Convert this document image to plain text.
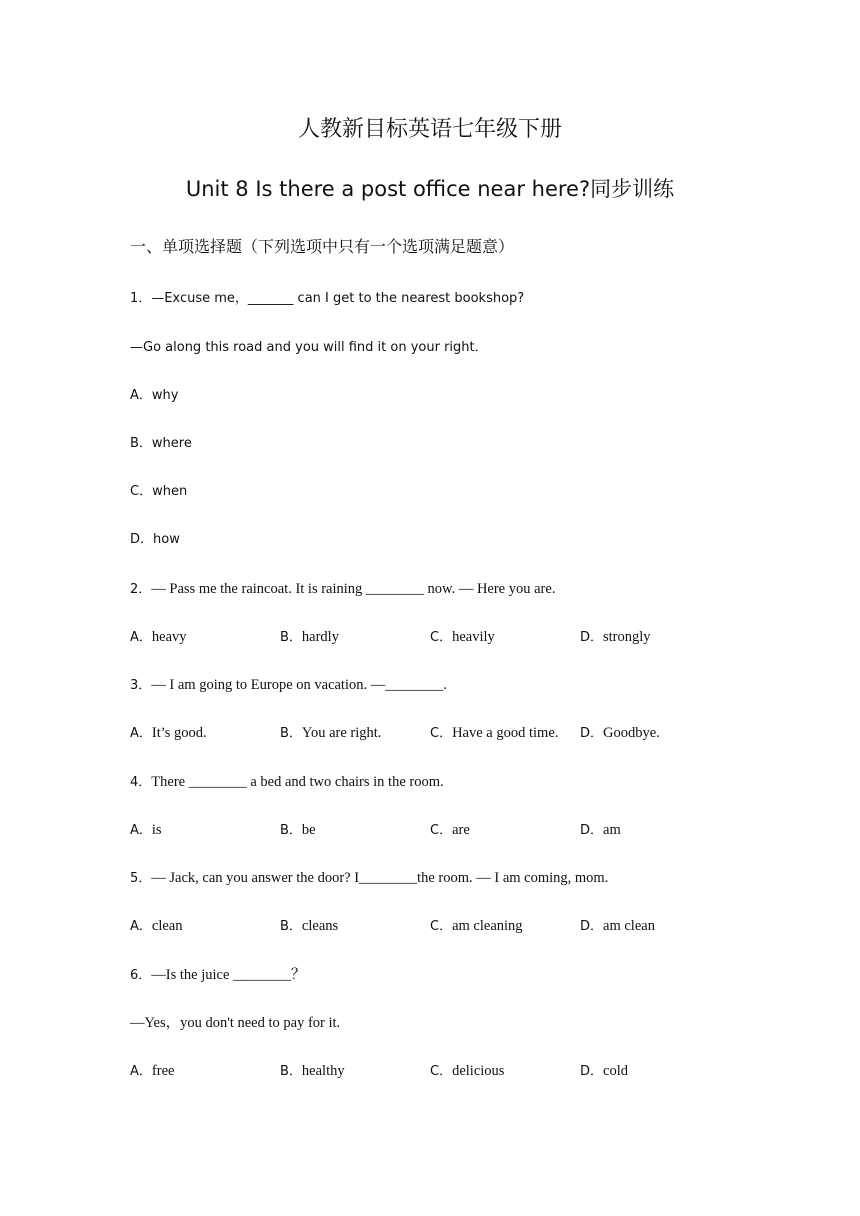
人教新目标英语七年级下册
Unit 8 Is there a post office near here?同步训练
一、单项选择题（下列选项中只有一个选项满足题意）
1．—Excuse me，_______ can I get to the nearest bookshop?
—Go along this road and you will find it on your right．
A．why
B．where
C．when
D．how
2．— Pass me the raincoat. It is raining ________ now. — Here you are.
A．heavy	B．hardly	C．heavily	D．strongly
3．— I am going to Europe on vacation. —________.
A．It’s good.	B．You are right.	C．Have a good time. D．Goodbye.
4．There ________ a bed and two chairs in the room.
A．is	B．be	C．are	D．am
5．— Jack, can you answer the door? I________the room. — I am coming, mom.
A．clean	B．cleans	C．am cleaning	D．am clean
6．—Is the juice ________？
—Yes，you don't need to pay for it.
A．free	B．healthy	C．delicious	D．cold
